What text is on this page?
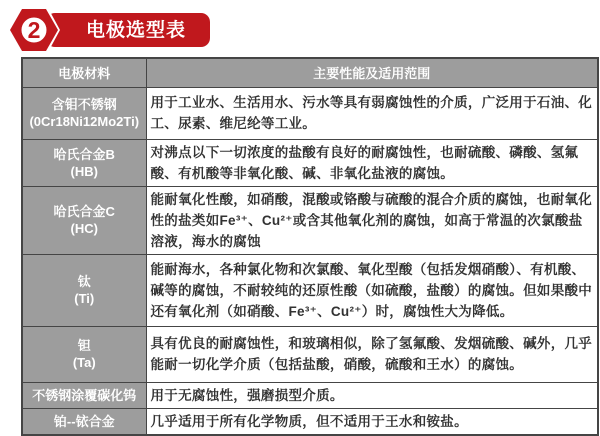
电极选型表
2
电极材料	主要性能及适用范围
含钼不锈钢
(0Cr18Ni12Mo2Ti)	用于工业水、生活用水、污水等具有弱腐蚀性的介质，广泛用于石油、化工、尿素、维尼纶等工业。
哈氏合金B
(HB)	对沸点以下一切浓度的盐酸有良好的耐腐蚀性，也耐硫酸、磷酸、氢氟酸、有机酸等非氧化酸、碱、非氧化盐液的腐蚀。
哈氏合金C
(HC)	能耐氧化性酸，如硝酸，混酸或铬酸与硫酸的混合介质的腐蚀，也耐氧化性的盐类如Fe³⁺、Cu²⁺或含其他氧化剂的腐蚀，如高于常温的次氯酸盐溶液，海水的腐蚀
钛
(Ti)	能耐海水，各种氯化物和次氯酸、氧化型酸（包括发烟硝酸）、有机酸、碱等的腐蚀，不耐较纯的还原性酸（如硫酸，盐酸）的腐蚀。但如果酸中还有氧化剂（如硝酸、Fe³⁺、Cu²⁺）时，腐蚀性大为降低。
钽
(Ta)	具有优良的耐腐蚀性，和玻璃相似，除了氢氟酸、发烟硫酸、碱外，几乎能耐一切化学介质（包括盐酸，硝酸，硫酸和王水）的腐蚀。
不锈钢涂覆碳化钨	用于无腐蚀性，强磨损型介质。
铂--铱合金	几乎适用于所有化学物质，但不适用于王水和铵盐。
